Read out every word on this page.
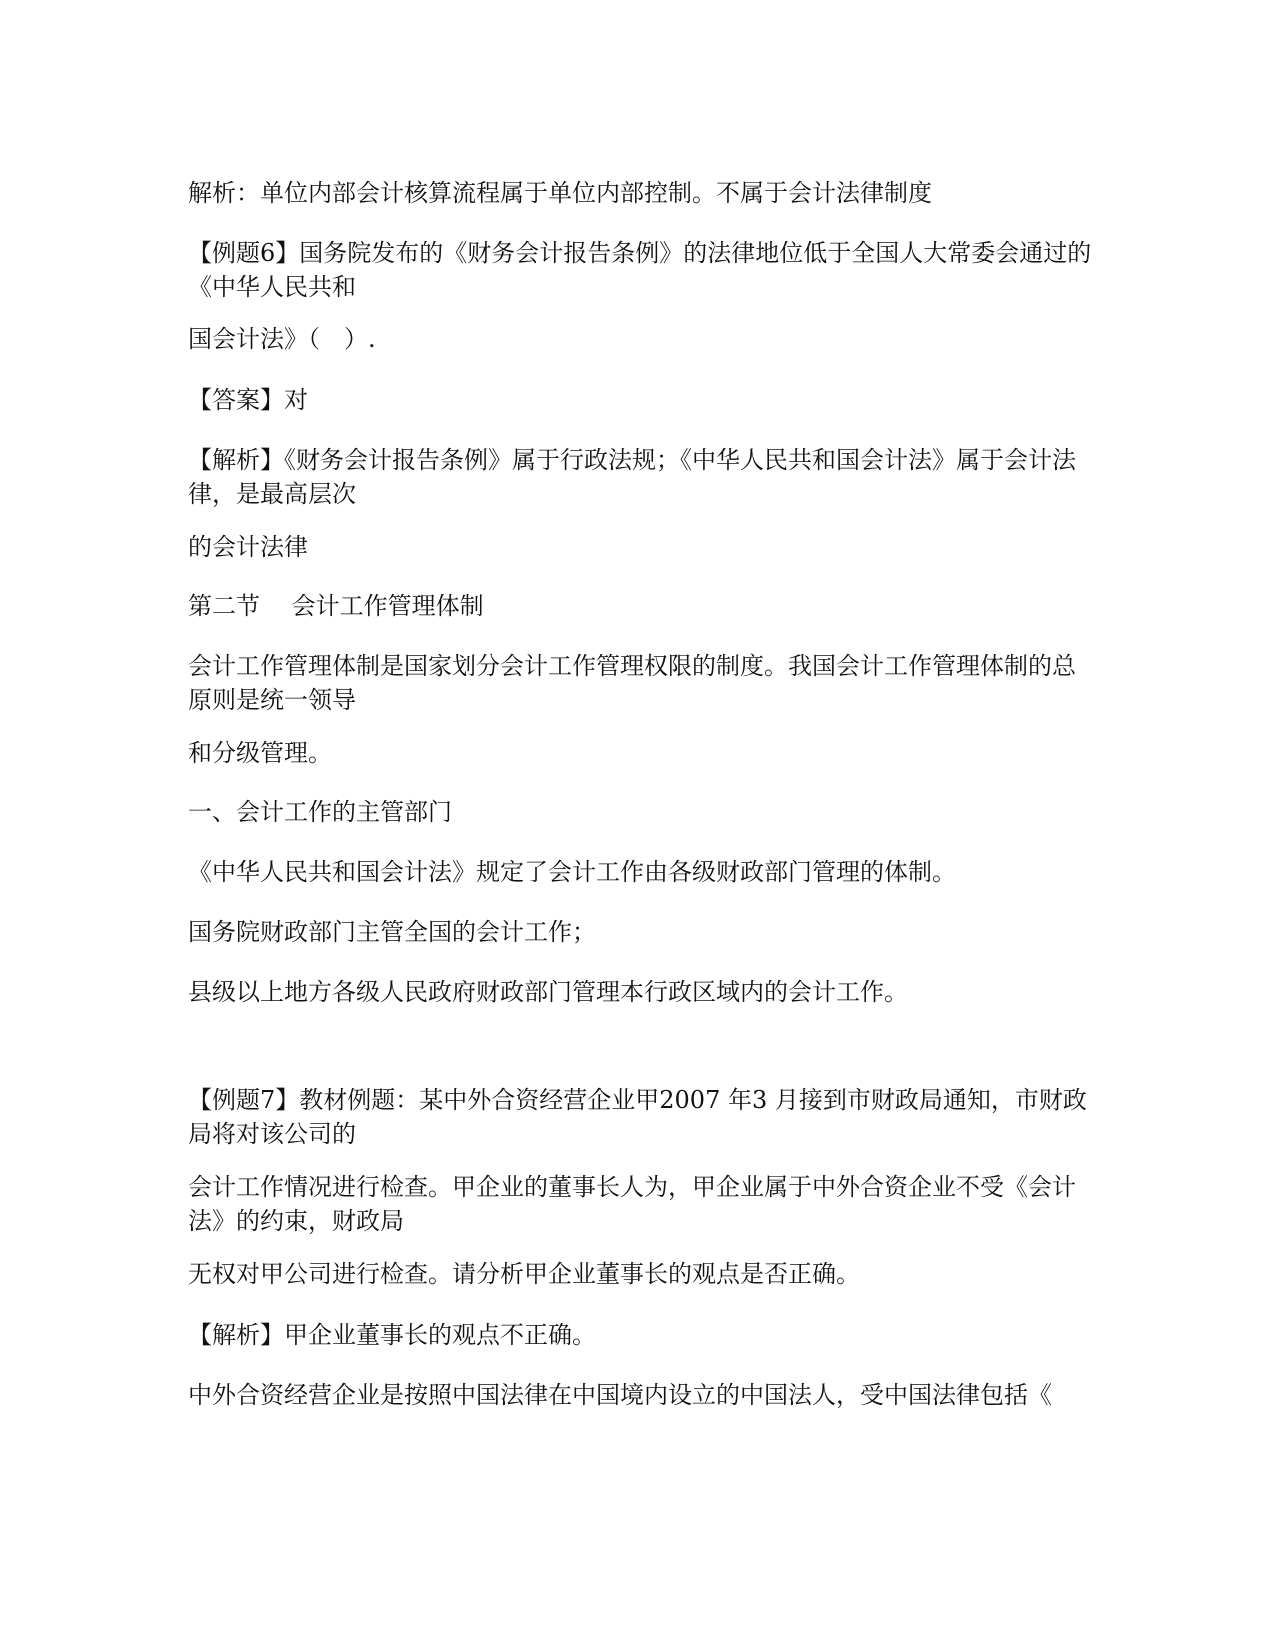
解析：单位内部会计核算流程属于单位内部控制。不属于会计法律制度

【例题6】国务院发布的《财务会计报告条例》的法律地位低于全国人大常委会通过的《中华人民共和

国会计法》（　）.

【答案】对

【解析】《财务会计报告条例》属于行政法规；《中华人民共和国会计法》属于会计法律，是最高层次

的会计法律

第二节　 会计工作管理体制

会计工作管理体制是国家划分会计工作管理权限的制度。我国会计工作管理体制的总原则是统一领导

和分级管理。

一、会计工作的主管部门

《中华人民共和国会计法》规定了会计工作由各级财政部门管理的体制。

国务院财政部门主管全国的会计工作；

县级以上地方各级人民政府财政部门管理本行政区域内的会计工作。

【例题7】教材例题：某中外合资经营企业甲2007 年3 月接到市财政局通知，市财政局将对该公司的

会计工作情况进行检查。甲企业的董事长人为，甲企业属于中外合资企业不受《会计法》的约束，财政局

无权对甲公司进行检查。请分析甲企业董事长的观点是否正确。

【解析】甲企业董事长的观点不正确。

中外合资经营企业是按照中国法律在中国境内设立的中国法人，受中国法律包括《
